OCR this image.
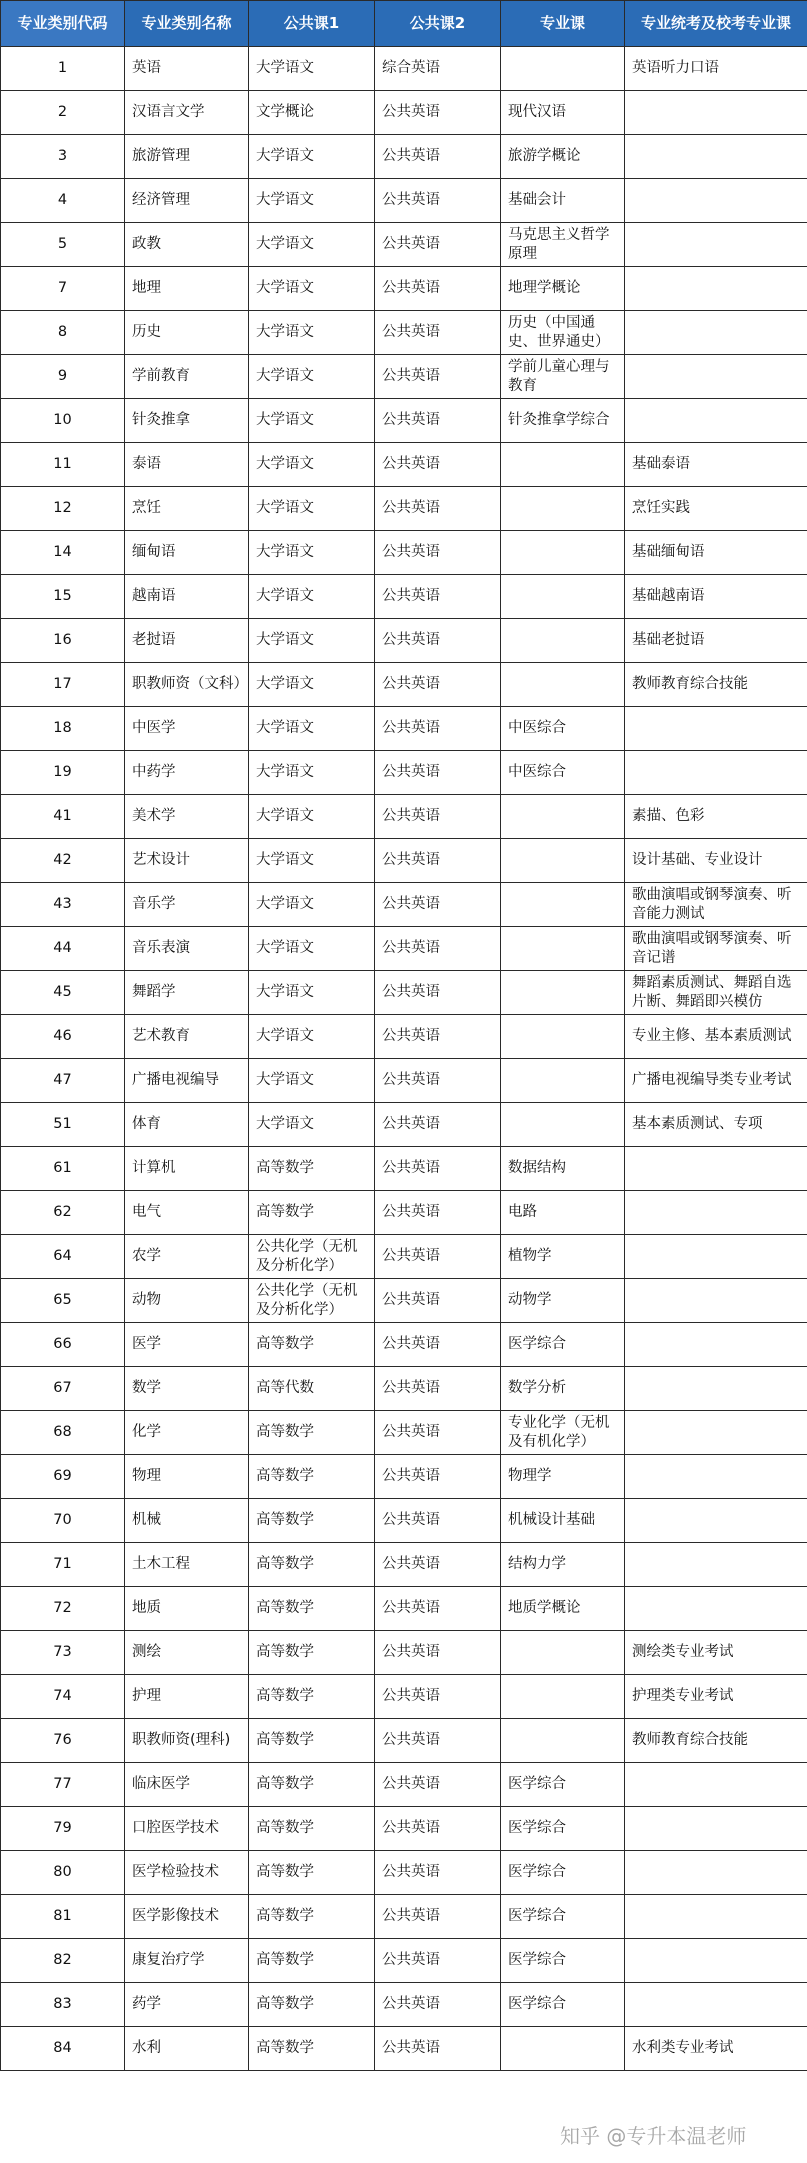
专业类别代码	专业类别名称	公共课1	公共课2	专业课	专业统考及校考专业课
1	英语	大学语文	综合英语		英语听力口语
2	汉语言文学	文学概论	公共英语	现代汉语	
3	旅游管理	大学语文	公共英语	旅游学概论	
4	经济管理	大学语文	公共英语	基础会计	
5	政教	大学语文	公共英语	马克思主义哲学原理	
7	地理	大学语文	公共英语	地理学概论	
8	历史	大学语文	公共英语	历史（中国通史、世界通史）	
9	学前教育	大学语文	公共英语	学前儿童心理与教育	
10	针灸推拿	大学语文	公共英语	针灸推拿学综合	
11	泰语	大学语文	公共英语		基础泰语
12	烹饪	大学语文	公共英语		烹饪实践
14	缅甸语	大学语文	公共英语		基础缅甸语
15	越南语	大学语文	公共英语		基础越南语
16	老挝语	大学语文	公共英语		基础老挝语
17	职教师资（文科）	大学语文	公共英语		教师教育综合技能
18	中医学	大学语文	公共英语	中医综合	
19	中药学	大学语文	公共英语	中医综合	
41	美术学	大学语文	公共英语		素描、色彩
42	艺术设计	大学语文	公共英语		设计基础、专业设计
43	音乐学	大学语文	公共英语		歌曲演唱或钢琴演奏、听音能力测试
44	音乐表演	大学语文	公共英语		歌曲演唱或钢琴演奏、听音记谱
45	舞蹈学	大学语文	公共英语		舞蹈素质测试、舞蹈自选片断、舞蹈即兴模仿
46	艺术教育	大学语文	公共英语		专业主修、基本素质测试
47	广播电视编导	大学语文	公共英语		广播电视编导类专业考试
51	体育	大学语文	公共英语		基本素质测试、专项
61	计算机	高等数学	公共英语	数据结构	
62	电气	高等数学	公共英语	电路	
64	农学	公共化学（无机及分析化学）	公共英语	植物学	
65	动物	公共化学（无机及分析化学）	公共英语	动物学	
66	医学	高等数学	公共英语	医学综合	
67	数学	高等代数	公共英语	数学分析	
68	化学	高等数学	公共英语	专业化学（无机及有机化学）	
69	物理	高等数学	公共英语	物理学	
70	机械	高等数学	公共英语	机械设计基础	
71	土木工程	高等数学	公共英语	结构力学	
72	地质	高等数学	公共英语	地质学概论	
73	测绘	高等数学	公共英语		测绘类专业考试
74	护理	高等数学	公共英语		护理类专业考试
76	职教师资(理科)	高等数学	公共英语		教师教育综合技能
77	临床医学	高等数学	公共英语	医学综合	
79	口腔医学技术	高等数学	公共英语	医学综合	
80	医学检验技术	高等数学	公共英语	医学综合	
81	医学影像技术	高等数学	公共英语	医学综合	
82	康复治疗学	高等数学	公共英语	医学综合	
83	药学	高等数学	公共英语	医学综合	
84	水利	高等数学	公共英语		水利类专业考试
知乎 @专升本温老师
